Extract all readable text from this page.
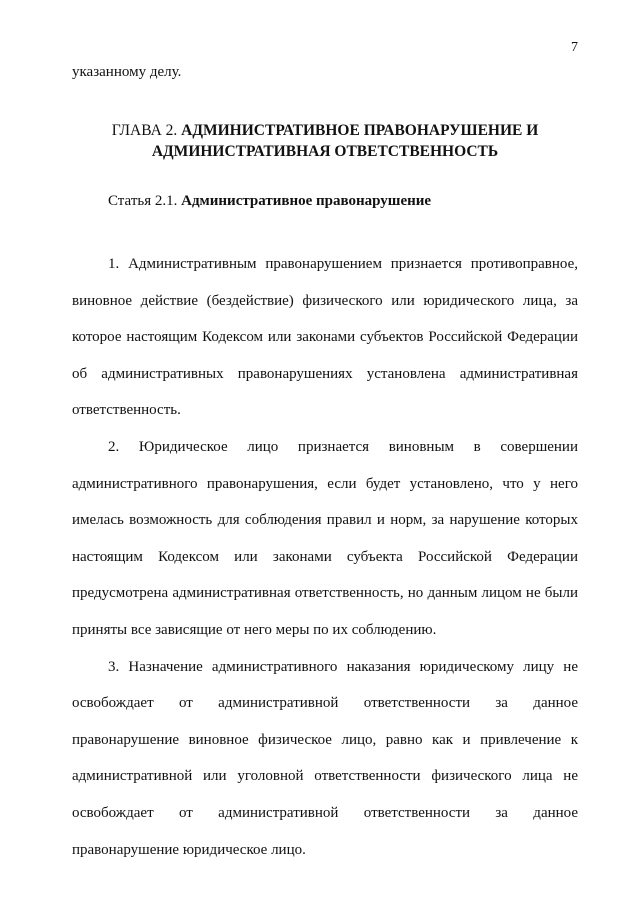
7
указанному делу.
ГЛАВА 2. АДМИНИСТРАТИВНОЕ ПРАВОНАРУШЕНИЕ И АДМИНИСТРАТИВНАЯ ОТВЕТСТВЕННОСТЬ
Статья 2.1. Административное правонарушение

1. Административным правонарушением признается противоправное, виновное действие (бездействие) физического или юридического лица, за которое настоящим Кодексом или законами субъектов Российской Федерации об административных правонарушениях установлена административная ответственность.

2. Юридическое лицо признается виновным в совершении административного правонарушения, если будет установлено, что у него имелась возможность для соблюдения правил и норм, за нарушение которых настоящим Кодексом или законами субъекта Российской Федерации предусмотрена административная ответственность, но данным лицом не были приняты все зависящие от него меры по их соблюдению.

3. Назначение административного наказания юридическому лицу не освобождает от административной ответственности за данное правонарушение виновное физическое лицо, равно как и привлечение к административной или уголовной ответственности физического лица не освобождает от административной ответственности за данное правонарушение юридическое лицо.
